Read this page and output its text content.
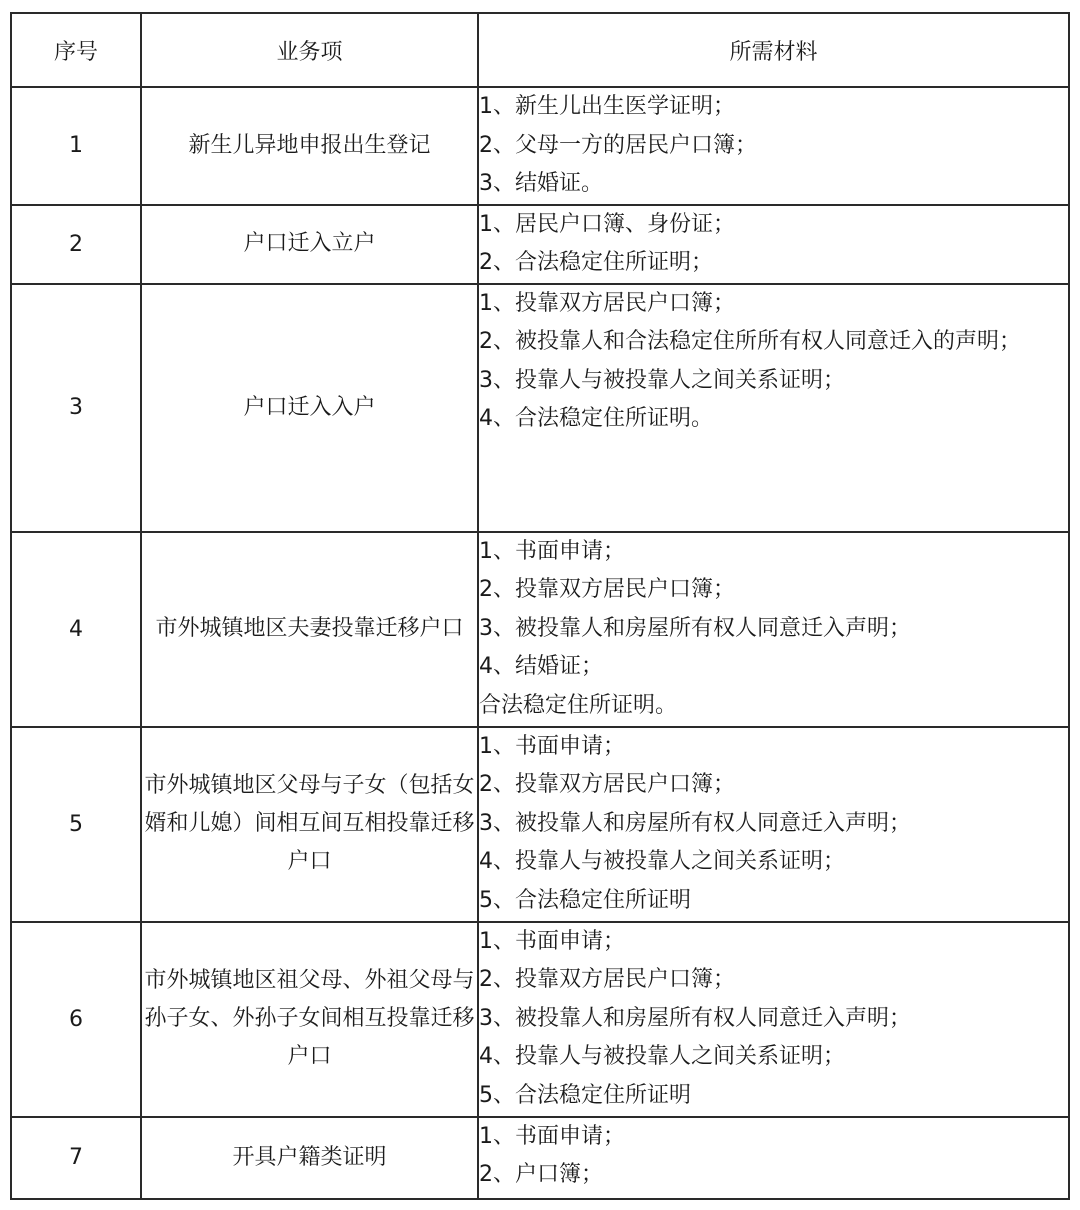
序号	业务项	所需材料
1	新生儿异地申报出生登记	1、新生儿出生医学证明；
2、父母一方的居民户口簿；
3、结婚证。

2	户口迁入立户	1、居民户口簿、身份证；
2、合法稳定住所证明；

3	户口迁入入户	1、投靠双方居民户口簿；
2、被投靠人和合法稳定住所所有权人同意迁入的声明；
3、投靠人与被投靠人之间关系证明；
4、合法稳定住所证明。

4	市外城镇地区夫妻投靠迁移户口	1、书面申请；
2、投靠双方居民户口簿；
3、被投靠人和房屋所有权人同意迁入声明；
4、结婚证；
合法稳定住所证明。

5	市外城镇地区父母与子女（包括女婿和儿媳）间相互间互相投靠迁移户口	1、书面申请；
2、投靠双方居民户口簿；
3、被投靠人和房屋所有权人同意迁入声明；
4、投靠人与被投靠人之间关系证明；
5、合法稳定住所证明

6	市外城镇地区祖父母、外祖父母与孙子女、外孙子女间相互投靠迁移户口	1、书面申请；
2、投靠双方居民户口簿；
3、被投靠人和房屋所有权人同意迁入声明；
4、投靠人与被投靠人之间关系证明；
5、合法稳定住所证明

7	开具户籍类证明	1、书面申请；
2、户口簿；
